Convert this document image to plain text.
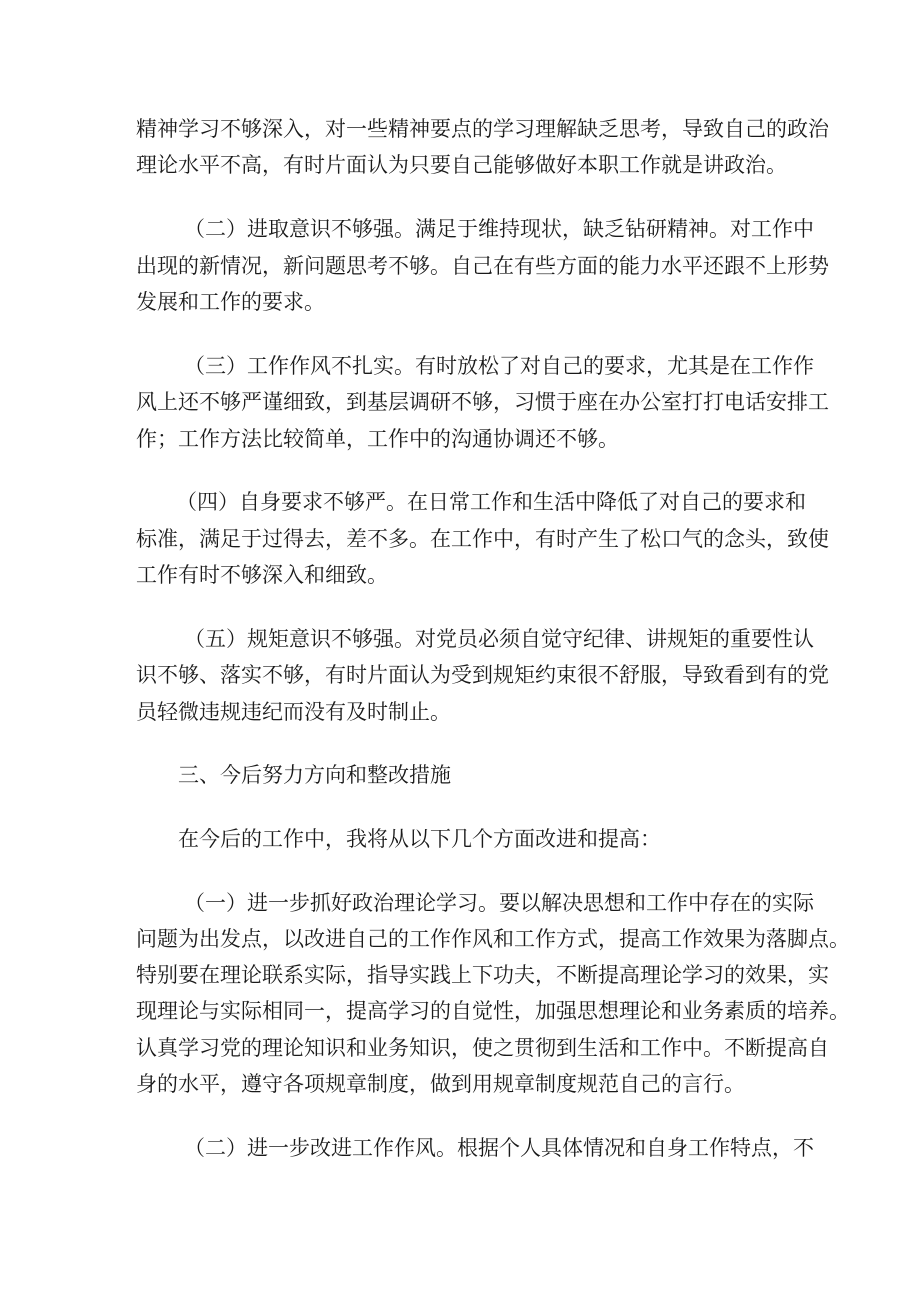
精神学习不够深入，对一些精神要点的学习理解缺乏思考，导致自己的政治

理论水平不高，有时片面认为只要自己能够做好本职工作就是讲政治。

（二）进取意识不够强。满足于维持现状，缺乏钻研精神。对工作中

出现的新情况，新问题思考不够。自己在有些方面的能力水平还跟不上形势

发展和工作的要求。

（三）工作作风不扎实。有时放松了对自己的要求，尤其是在工作作

风上还不够严谨细致，到基层调研不够，习惯于座在办公室打打电话安排工

作；工作方法比较简单，工作中的沟通协调还不够。

（四）自身要求不够严。在日常工作和生活中降低了对自己的要求和

标准，满足于过得去，差不多。在工作中，有时产生了松口气的念头，致使

工作有时不够深入和细致。

（五）规矩意识不够强。对党员必须自觉守纪律、讲规矩的重要性认

识不够、落实不够，有时片面认为受到规矩约束很不舒服，导致看到有的党

员轻微违规违纪而没有及时制止。

三、今后努力方向和整改措施

在今后的工作中，我将从以下几个方面改进和提高：

（一）进一步抓好政治理论学习。要以解决思想和工作中存在的实际

问题为出发点，以改进自己的工作作风和工作方式，提高工作效果为落脚点。

特别要在理论联系实际，指导实践上下功夫，不断提高理论学习的效果，实

现理论与实际相同一，提高学习的自觉性，加强思想理论和业务素质的培养。

认真学习党的理论知识和业务知识，使之贯彻到生活和工作中。不断提高自

身的水平，遵守各项规章制度，做到用规章制度规范自己的言行。

（二）进一步改进工作作风。根据个人具体情况和自身工作特点，不
